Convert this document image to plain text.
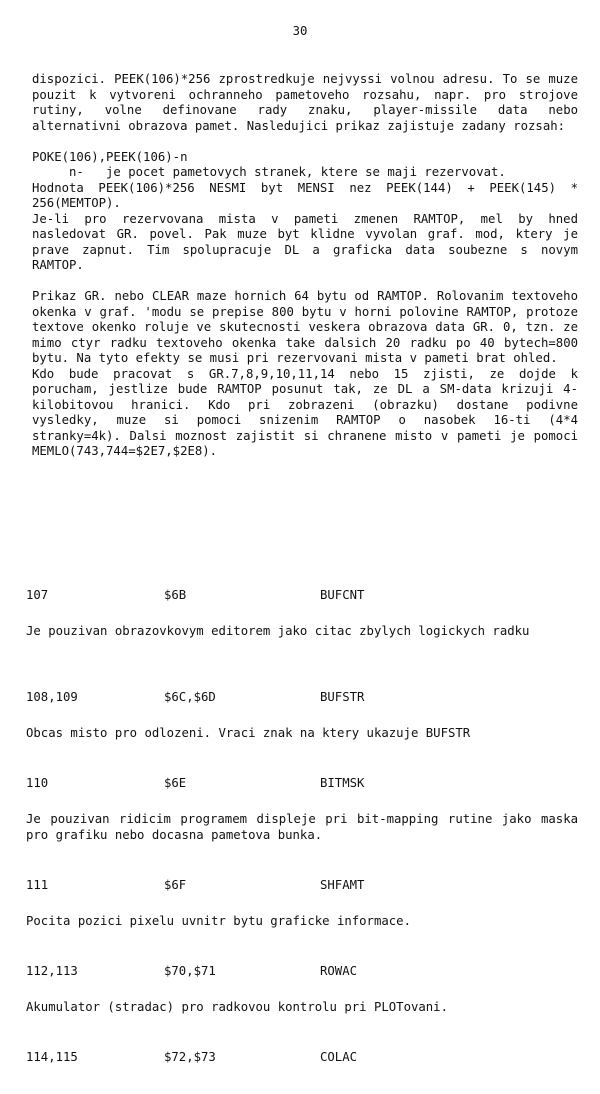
30

dispozici. PEEK(106)*256 zprostredkuje nejvyssi volnou adresu. To se muze pouzit k vytvoreni ochranneho pametoveho rozsahu, napr. pro strojove rutiny, volne definovane rady znaku, player-missile data nebo alternativni obrazova pamet. Nasledujici prikaz zajistuje zadany rozsah:

POKE(106),PEEK(106)-n

n-   je pocet pametovych stranek, ktere se maji rezervovat.

Hodnota PEEK(106)*256 NESMI byt MENSI nez PEEK(144) + PEEK(145) * 256(MEMTOP).

Je-li pro rezervovana mista v pameti zmenen RAMTOP, mel by hned nasledovat GR. povel. Pak muze byt klidne vyvolan graf. mod, ktery je prave zapnut. Tim spolupracuje DL a graficka data soubezne s novym RAMTOP.

Prikaz GR. nebo CLEAR maze hornich 64 bytu od RAMTOP. Rolovanim textoveho okenka v graf. 'modu se prepise 800 bytu v horni polovine RAMTOP, protoze textove okenko roluje ve skutecnosti veskera obrazova data GR. 0, tzn. ze mimo ctyr radku textoveho okenka take dalsich 20 radku po 40 bytech=800 bytu. Na tyto efekty se musi pri rezervovani mista v pameti brat ohled.

Kdo bude pracovat s GR.7,8,9,10,11,14 nebo 15 zjisti, ze dojde k porucham, jestlize bude RAMTOP posunut tak, ze DL a SM-data krizuji 4-kilobitovou hranici. Kdo pri zobrazeni (obrazku) dostane podivne vysledky, muze si pomoci snizenim RAMTOP o nasobek 16-ti (4*4 stranky=4k). Dalsi moznost zajistit si chranene misto v pameti je pomoci MEMLO(743,744=$2E7,$2E8).

107	$6B	BUFCNT
Je pouzivan obrazovkovym editorem jako citac zbylych logickych radku
108,109	$6C,$6D	BUFSTR
Obcas misto pro odlozeni. Vraci znak na ktery ukazuje BUFSTR
110	$6E	BITMSK
Je pouzivan ridicim programem displeje pri bit-mapping rutine jako maska pro grafiku nebo docasna pametova bunka.
111	$6F	SHFAMT
Pocita pozici pixelu uvnitr bytu graficke informace.
112,113	$70,$71	ROWAC
Akumulator (stradac) pro radkovou kontrolu pri PLOTovani.
114,115	$72,$73	COLAC
